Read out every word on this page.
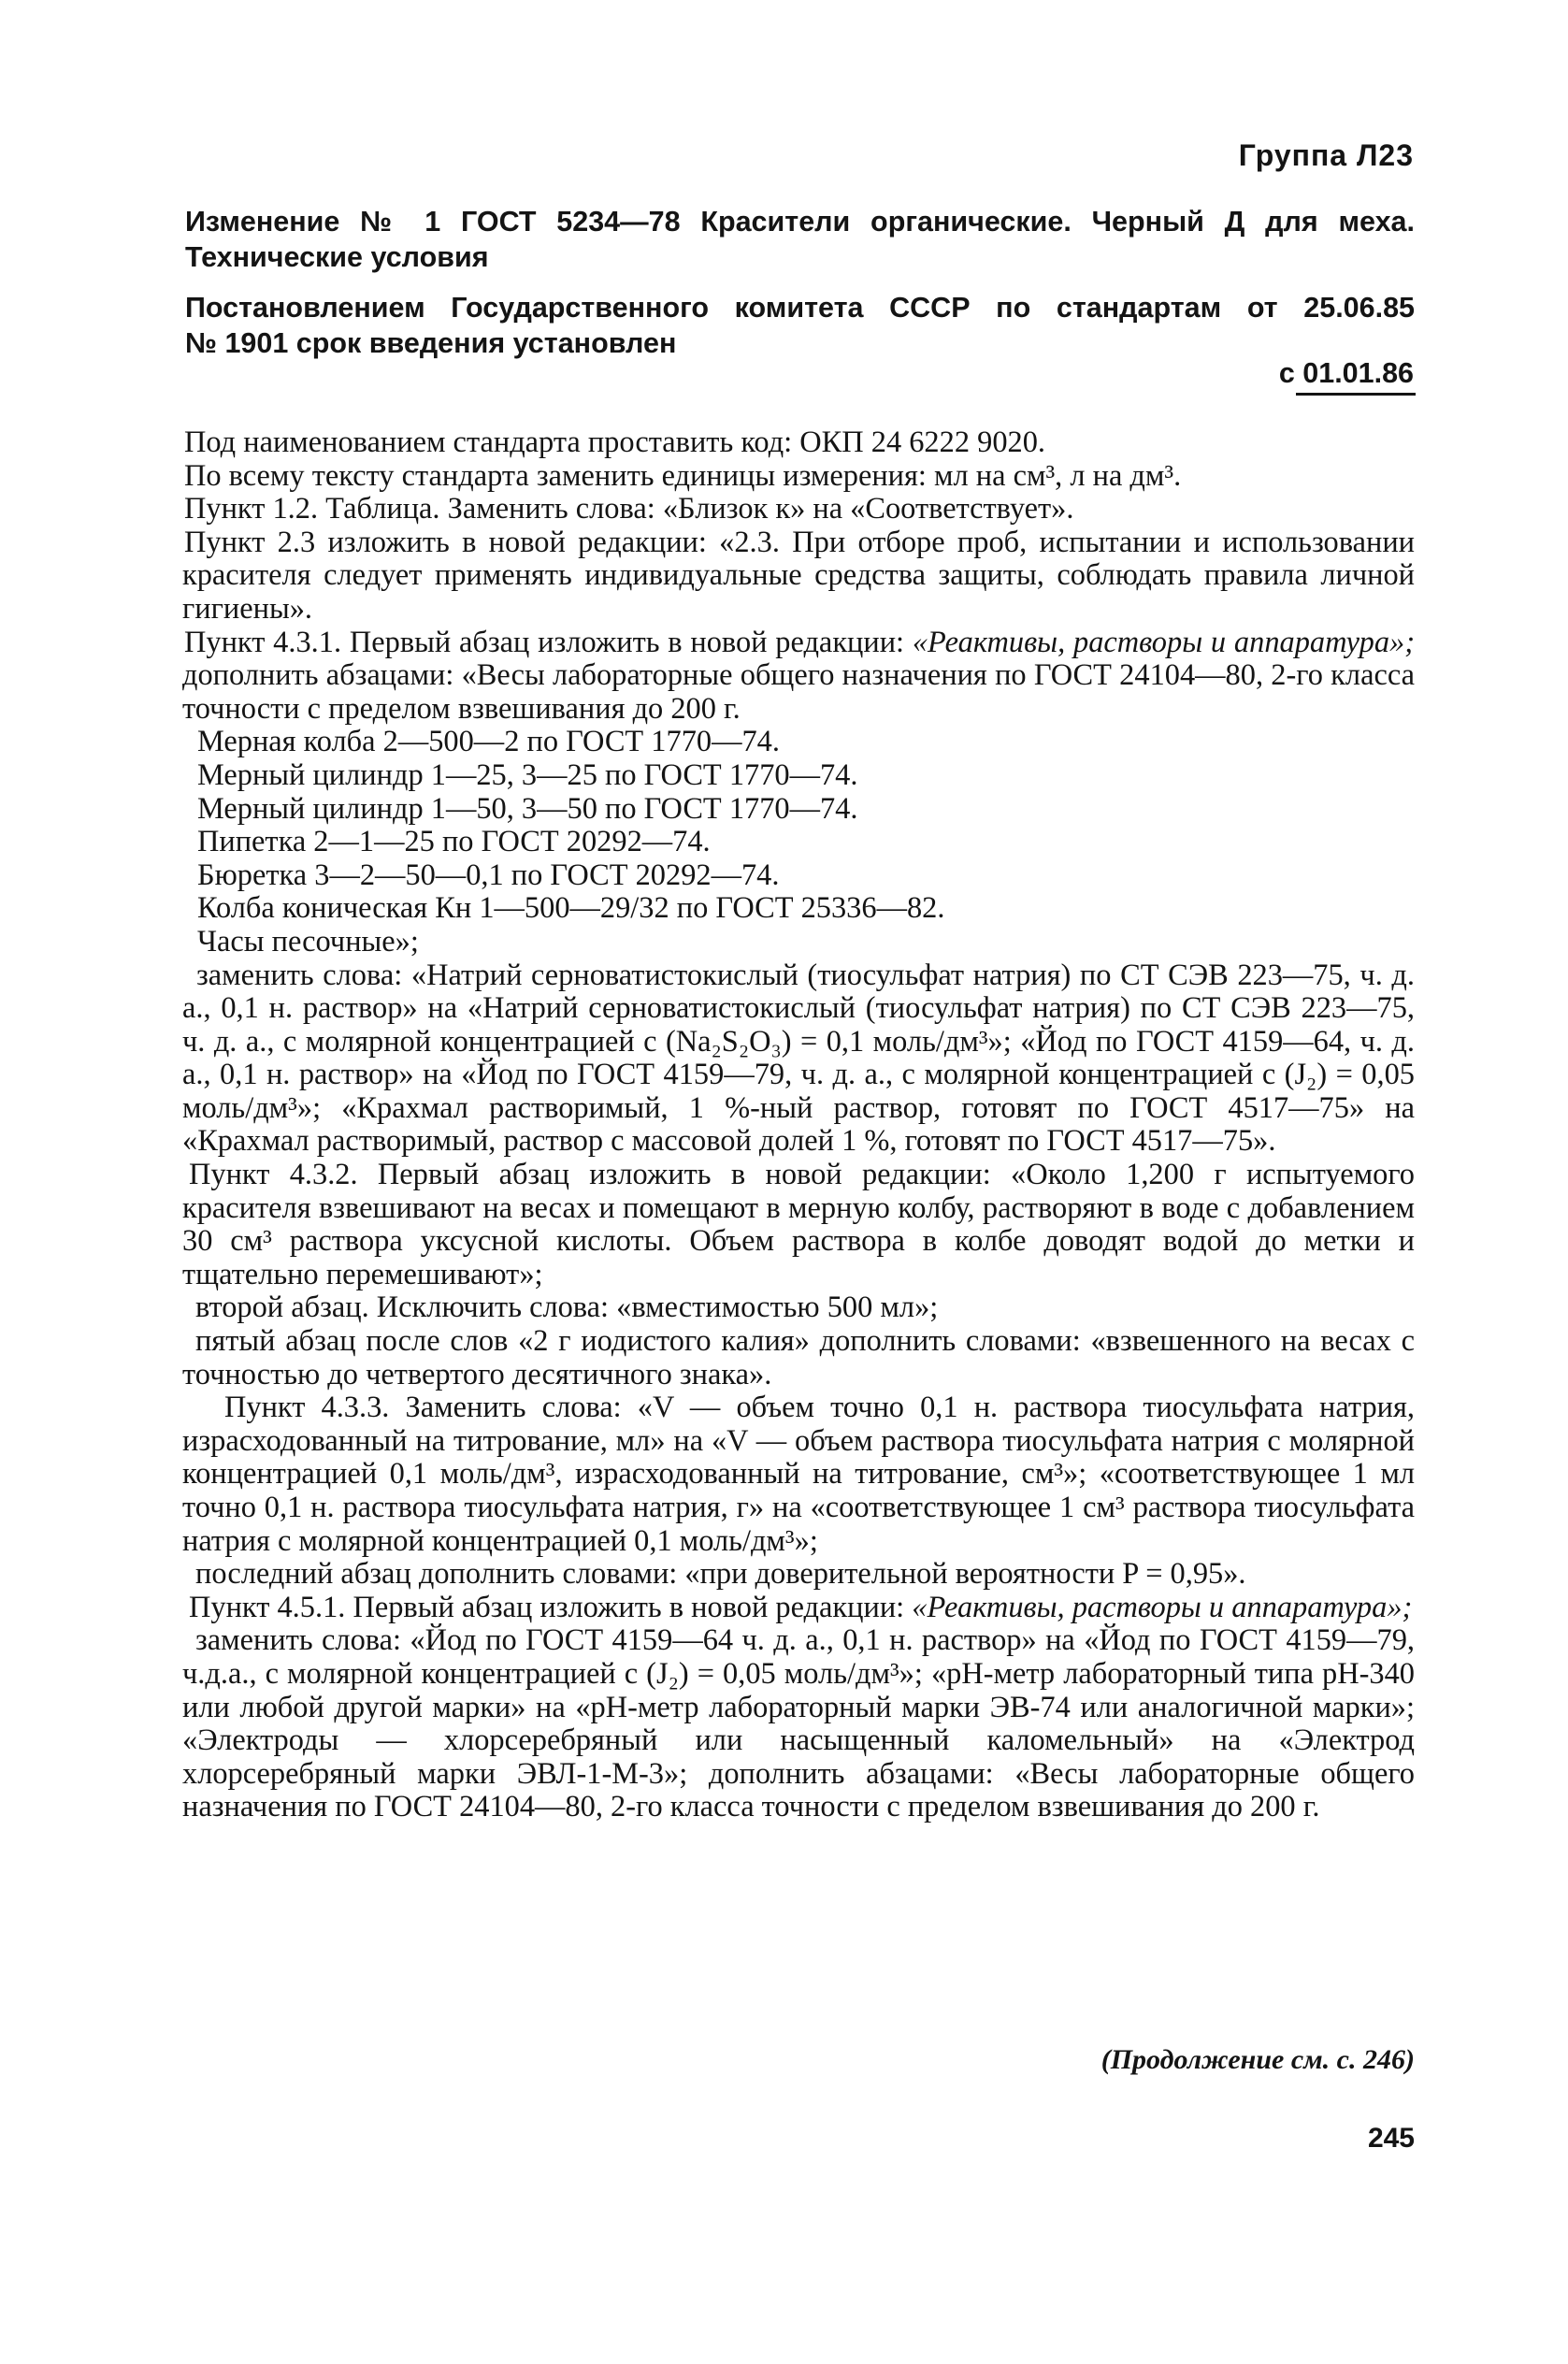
Группа Л23

Изменение № 1 ГОСТ 5234—78 Красители органические. Черный Д для меха.

Технические условия

Постановлением Государственного комитета СССР по стандартам от 25.06.85

№ 1901 срок введения установлен

с 01.01.86

Под наименованием стандарта проставить код: ОКП 24 6222 9020.

По всему тексту стандарта заменить единицы измерения: мл на см³, л на дм³.

Пункт 1.2. Таблица. Заменить слова: «Близок к» на «Соответствует».

Пункт 2.3 изложить в новой редакции: «2.3. При отборе проб, испытании и использовании красителя следует применять индивидуальные средства защиты, соблюдать правила личной гигиены».

Пункт 4.3.1. Первый абзац изложить в новой редакции: «Реактивы, растворы и аппаратура»; дополнить абзацами: «Весы лабораторные общего назначения по ГОСТ 24104—80, 2-го класса точности с пределом взвешивания до 200 г.

Мерная колба 2—500—2 по ГОСТ 1770—74.

Мерный цилиндр 1—25, 3—25 по ГОСТ 1770—74.

Мерный цилиндр 1—50, 3—50 по ГОСТ 1770—74.

Пипетка 2—1—25 по ГОСТ 20292—74.

Бюретка 3—2—50—0,1 по ГОСТ 20292—74.

Колба коническая Кн 1—500—29/32 по ГОСТ 25336—82.

Часы песочные»;

заменить слова: «Натрий серноватистокислый (тиосульфат натрия) по СТ СЭВ 223—75, ч. д. а., 0,1 н. раствор» на «Натрий серноватистокислый (тиосульфат натрия) по СТ СЭВ 223—75, ч. д. а., с молярной концентрацией с (Na₂S₂O₃) = 0,1 моль/дм³»; «Йод по ГОСТ 4159—64, ч. д. а., 0,1 н. раствор» на «Йод по ГОСТ 4159—79, ч. д. а., с молярной концентрацией с (J₂) = 0,05 моль/дм³»; «Крахмал растворимый, 1 %-ный раствор, готовят по ГОСТ 4517—75» на «Крахмал растворимый, раствор с массовой долей 1 %, готовят по ГОСТ 4517—75».

Пункт 4.3.2. Первый абзац изложить в новой редакции: «Около 1,200 г испытуемого красителя взвешивают на весах и помещают в мерную колбу, растворяют в воде с добавлением 30 см³ раствора уксусной кислоты. Объем раствора в колбе доводят водой до метки и тщательно перемешивают»;

второй абзац. Исключить слова: «вместимостью 500 мл»;

пятый абзац после слов «2 г иодистого калия» дополнить словами: «взвешенного на весах с точностью до четвертого десятичного знака».

Пункт 4.3.3. Заменить слова: «V — объем точно 0,1 н. раствора тиосульфата натрия, израсходованный на титрование, мл» на «V — объем раствора тиосульфата натрия с молярной концентрацией 0,1 моль/дм³, израсходованный на титрование, см³»; «соответствующее 1 мл точно 0,1 н. раствора тиосульфата натрия, г» на «соответствующее 1 см³ раствора тиосульфата натрия с молярной концентрацией 0,1 моль/дм³»;

последний абзац дополнить словами: «при доверительной вероятности P = 0,95».

Пункт 4.5.1. Первый абзац изложить в новой редакции: «Реактивы, растворы и аппаратура»;

заменить слова: «Йод по ГОСТ 4159—64 ч. д. а., 0,1 н. раствор» на «Йод по ГОСТ 4159—79, ч.д.а., с молярной концентрацией с (J₂) = 0,05 моль/дм³»; «рН-метр лабораторный типа рН-340 или любой другой марки» на «рН-метр лабораторный марки ЭВ-74 или аналогичной марки»; «Электроды — хлорсеребряный или насыщенный каломельный» на «Электрод хлорсеребряный марки ЭВЛ-1-М-3»; дополнить абзацами: «Весы лабораторные общего назначения по ГОСТ 24104—80, 2-го класса точности с пределом взвешивания до 200 г.

(Продолжение см. с. 246)
245
